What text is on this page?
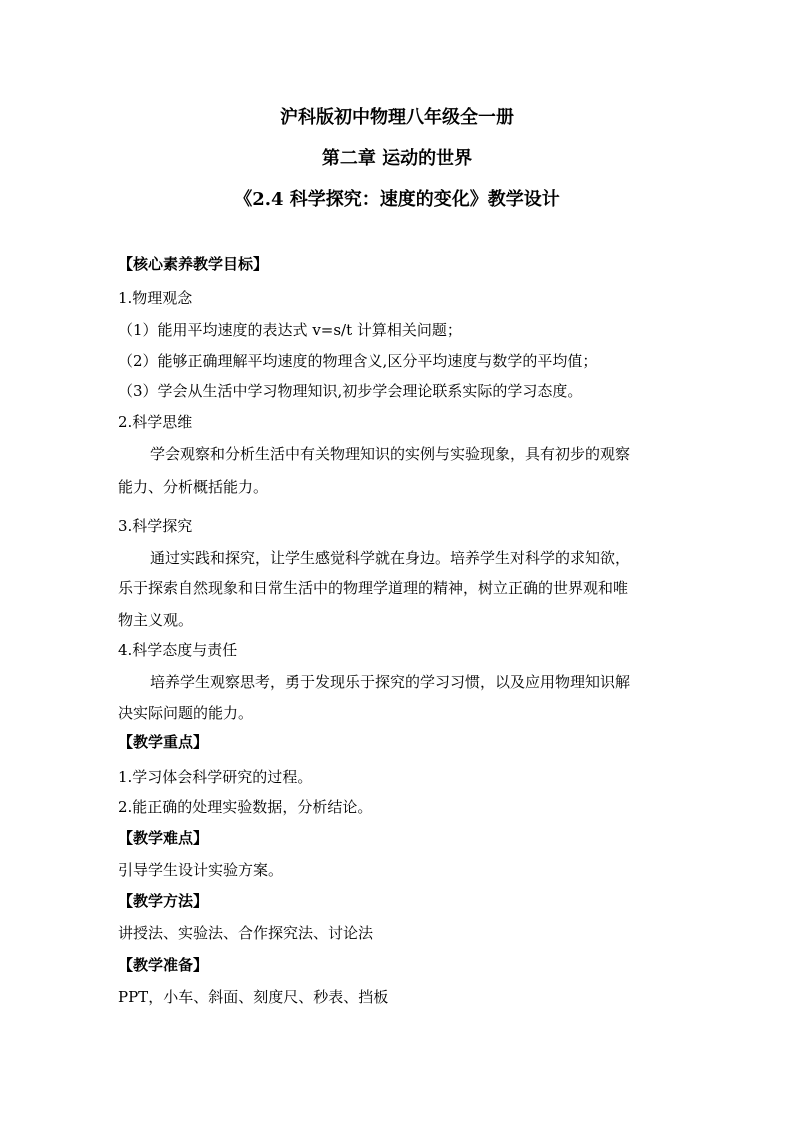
沪科版初中物理八年级全一册
第二章 运动的世界
《2.4 科学探究：速度的变化》教学设计
【核心素养教学目标】
1.物理观念
（1）能用平均速度的表达式 v=s/t 计算相关问题；
（2）能够正确理解平均速度的物理含义,区分平均速度与数学的平均值；
（3）学会从生活中学习物理知识,初步学会理论联系实际的学习态度。
2.科学思维
学会观察和分析生活中有关物理知识的实例与实验现象，具有初步的观察
能力、分析概括能力。
3.科学探究
通过实践和探究，让学生感觉科学就在身边。培养学生对科学的求知欲，
乐于探索自然现象和日常生活中的物理学道理的精神，树立正确的世界观和唯
物主义观。
4.科学态度与责任
培养学生观察思考，勇于发现乐于探究的学习习惯，以及应用物理知识解
决实际问题的能力。
【教学重点】
1.学习体会科学研究的过程。
2.能正确的处理实验数据，分析结论。
【教学难点】
引导学生设计实验方案。
【教学方法】
讲授法、实验法、合作探究法、讨论法
【教学准备】
PPT，小车、斜面、刻度尺、秒表、挡板
